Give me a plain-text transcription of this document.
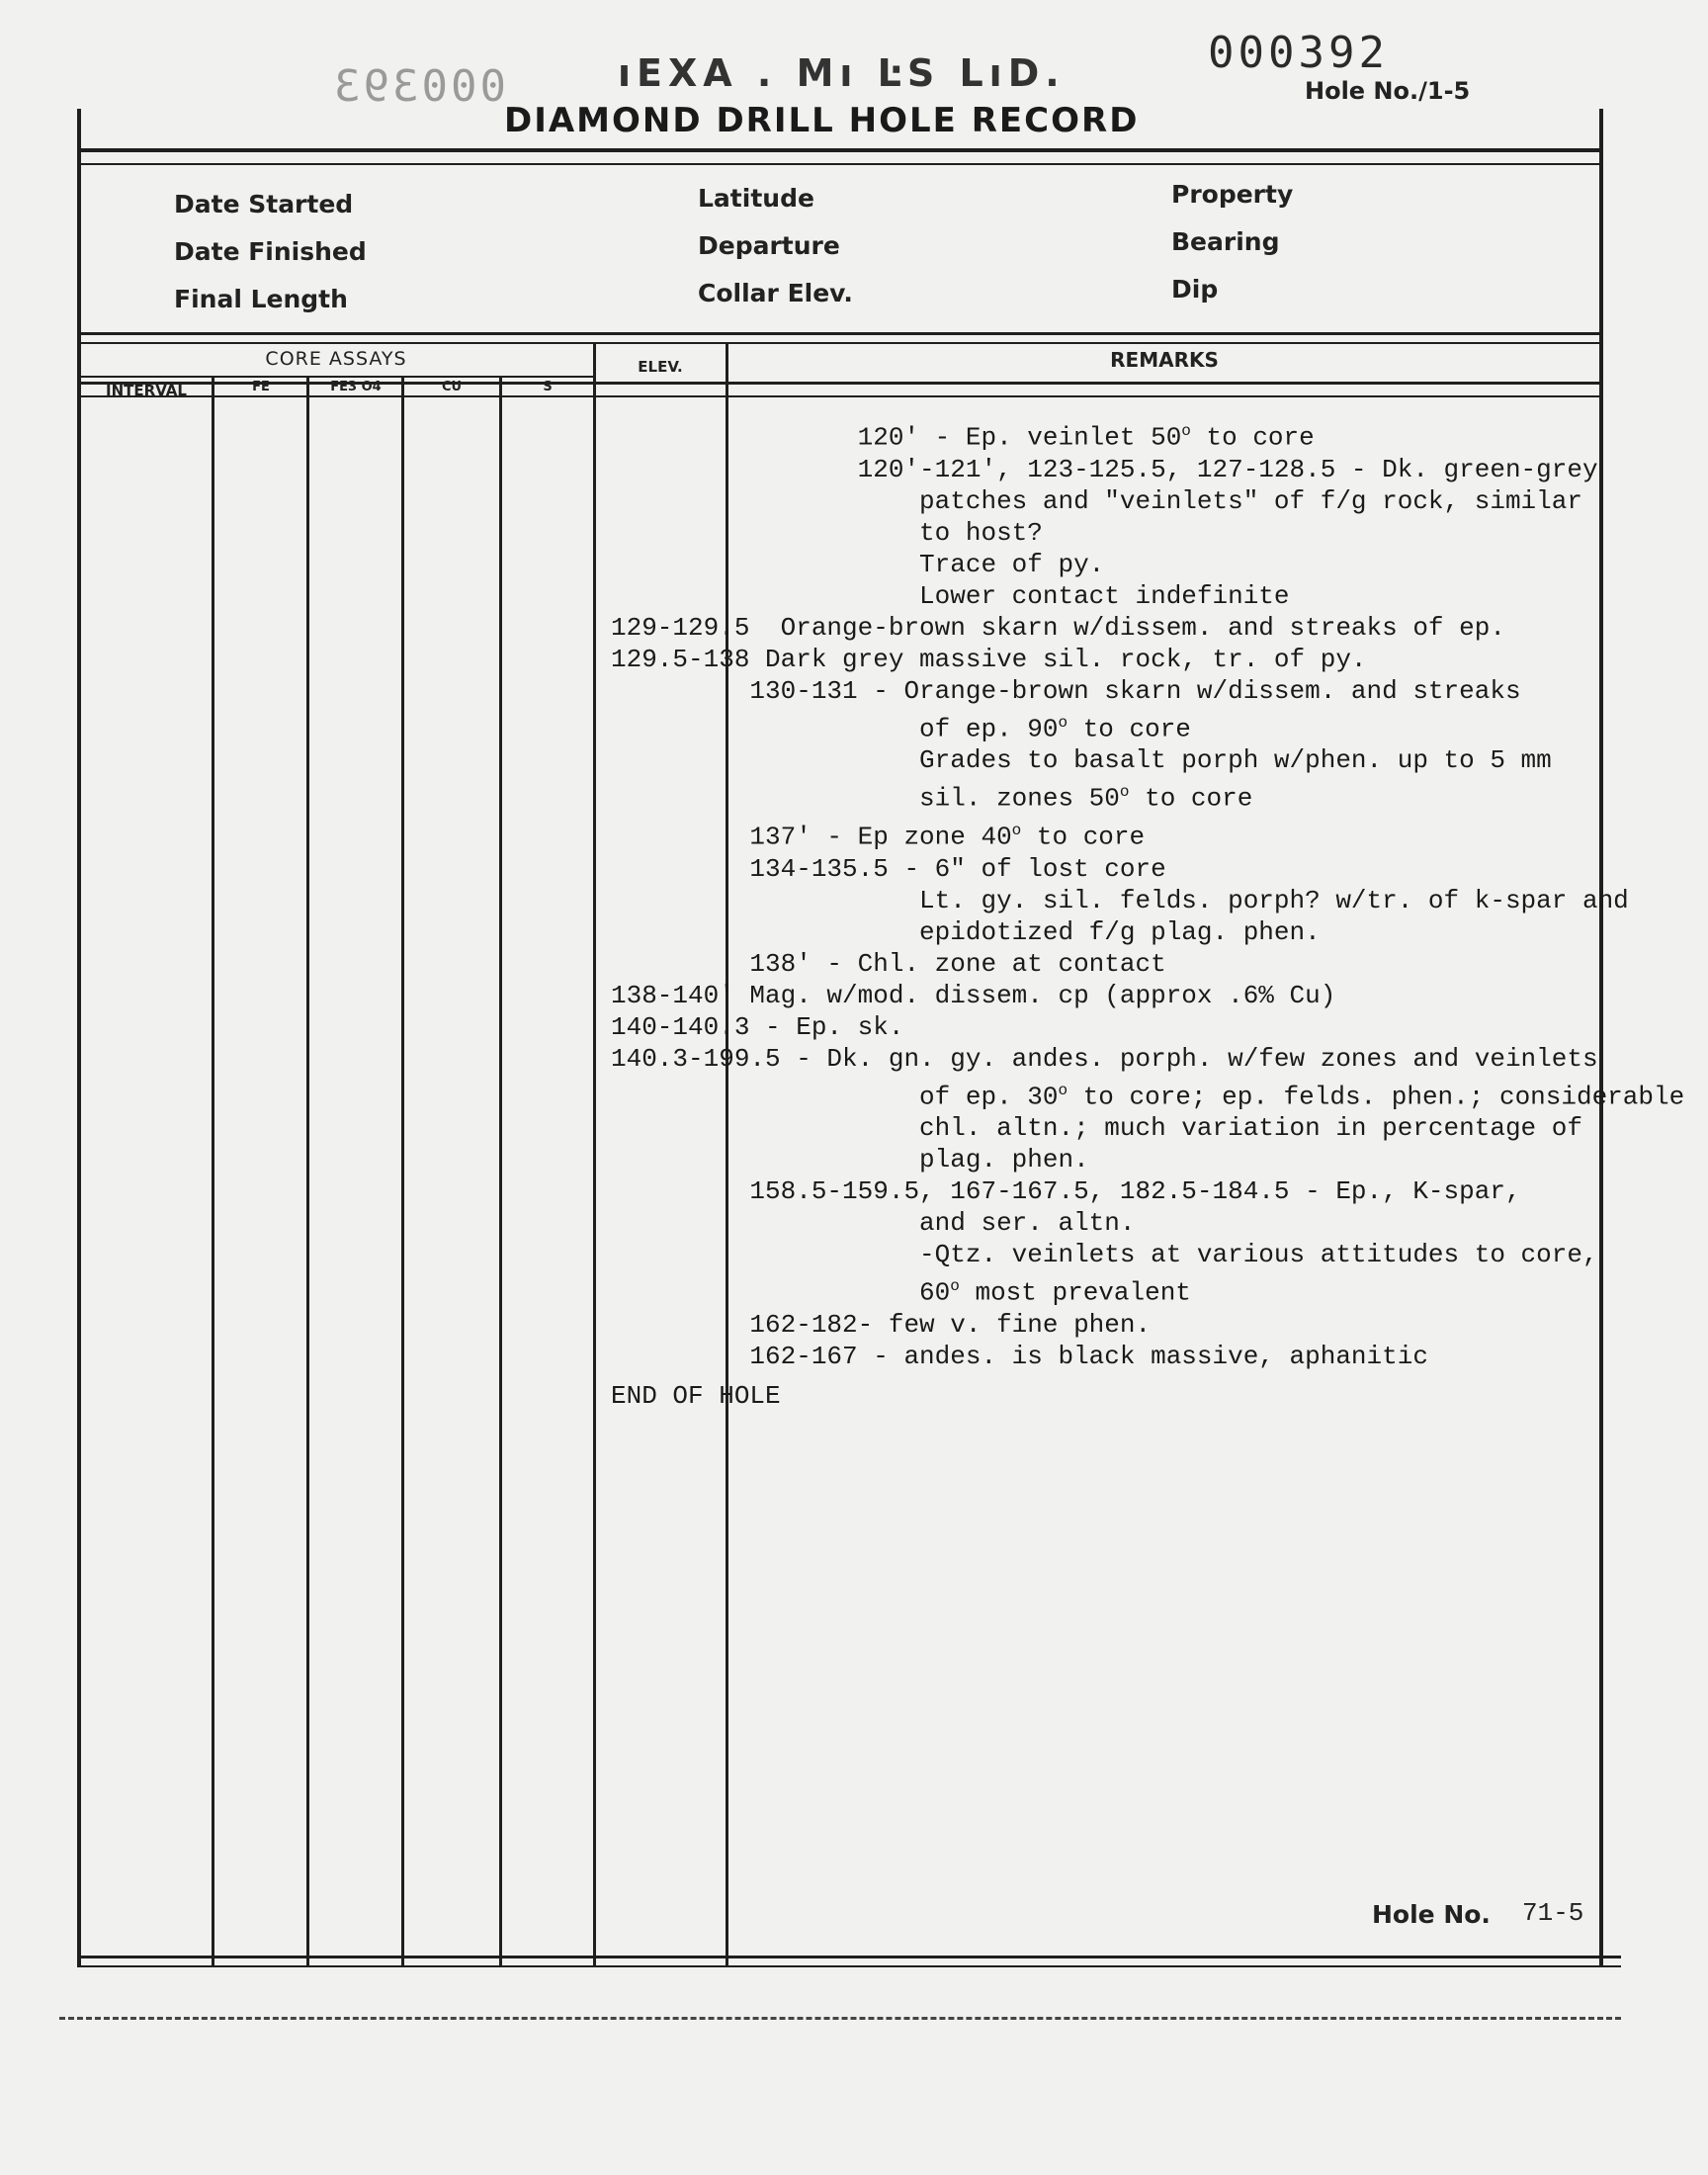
000393	ıEXA . Mı ĿS LıD.	000392
Hole No./1-5
DIAMOND DRILL HOLE RECORD
Date Started
Date Finished
Final Length
Latitude
Departure
Collar Elev.
Property
Bearing
Dip
CORE ASSAYS
INTERVAL	FE	FE3 O4	CU	S
ELEV.	REMARKS
120' - Ep. veinlet 50$^o$ to core
120'-121', 123-125.5, 127-128.5 - Dk. green-grey
patches and "veinlets" of f/g rock, similar
to host?
Trace of py.
Lower contact indefinite
129-129.5  Orange-brown skarn w/dissem. and streaks of ep.
129.5-138 Dark grey massive sil. rock, tr. of py.
130-131 - Orange-brown skarn w/dissem. and streaks
of ep. 90$^o$ to core
Grades to basalt porph w/phen. up to 5 mm
sil. zones 50$^o$ to core
137' - Ep zone 40$^o$ to core
134-135.5 - 6" of lost core
Lt. gy. sil. felds. porph? w/tr. of k-spar and
epidotized f/g plag. phen.
138' - Chl. zone at contact
138-140' Mag. w/mod. dissem. cp (approx .6% Cu)
140-140.3 - Ep. sk.
140.3-199.5 - Dk. gn. gy. andes. porph. w/few zones and veinlets
of ep. 30$^o$ to core; ep. felds. phen.; considerable
chl. altn.; much variation in percentage of
plag. phen.
158.5-159.5, 167-167.5, 182.5-184.5 - Ep., K-spar,
and ser. altn.
-Qtz. veinlets at various attitudes to core,
60$^o$ most prevalent
162-182- few v. fine phen.
162-167 - andes. is black massive, aphanitic
END OF HOLE
Hole No. 71-5
